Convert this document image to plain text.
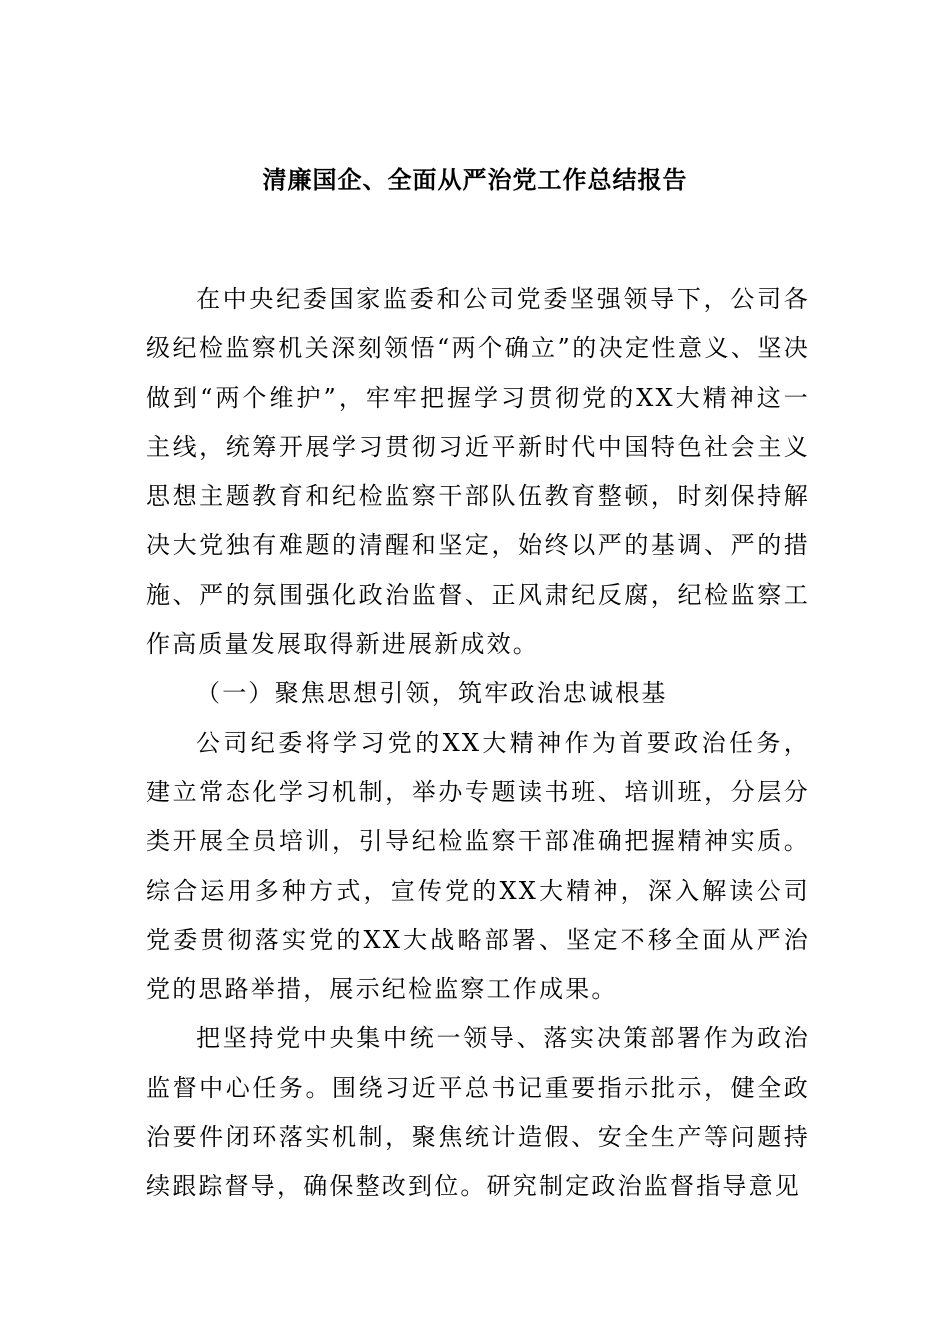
清廉国企、全面从严治党工作总结报告

在中央纪委国家监委和公司党委坚强领导下，公司各级纪检监察机关深刻领悟“两个确立”的决定性意义、坚决做到“两个维护”，牢牢把握学习贯彻党的XX大精神这一主线，统筹开展学习贯彻习近平新时代中国特色社会主义思想主题教育和纪检监察干部队伍教育整顿，时刻保持解决大党独有难题的清醒和坚定，始终以严的基调、严的措施、严的氛围强化政治监督、正风肃纪反腐，纪检监察工作高质量发展取得新进展新成效。

（一）聚焦思想引领，筑牢政治忠诚根基

公司纪委将学习党的XX大精神作为首要政治任务，建立常态化学习机制，举办专题读书班、培训班，分层分类开展全员培训，引导纪检监察干部准确把握精神实质。综合运用多种方式，宣传党的XX大精神，深入解读公司党委贯彻落实党的XX大战略部署、坚定不移全面从严治党的思路举措，展示纪检监察工作成果。

把坚持党中央集中统一领导、落实决策部署作为政治监督中心任务。围绕习近平总书记重要指示批示，健全政治要件闭环落实机制，聚焦统计造假、安全生产等问题持续跟踪督导，确保整改到位。研究制定政治监督指导意见
